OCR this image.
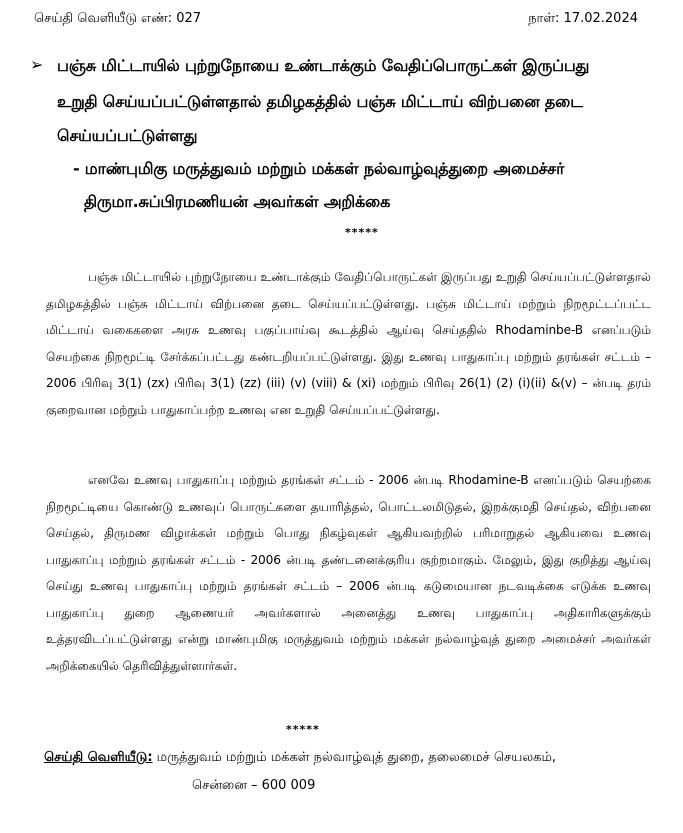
செய்தி வெளியீடு எண்: 027	நாள்: 17.02.2024
➢ பஞ்சு மிட்டாயில் புற்றுநோயை உண்டாக்கும் வேதிப்பொருட்கள் இருப்பது
உறுதி செய்யப்பட்டுள்ளதால் தமிழகத்தில் பஞ்சு மிட்டாய் விற்பனை தடை
செய்யப்பட்டுள்ளது
- மாண்புமிகு மருத்துவம் மற்றும் மக்கள் நல்வாழ்வுத்துறை அமைச்சர்
திருமா.சுப்பிரமணியன் அவர்கள் அறிக்கை
*****

பஞ்சு மிட்டாயில் புற்றுநோயை உண்டாக்கும் வேதிப்பொருட்கள் இருப்பது உறுதி செய்யப்பட்டுள்ளதால் தமிழகத்தில் பஞ்சு மிட்டாய் விற்பனை தடை செய்யப்பட்டுள்ளது. பஞ்சு மிட்டாய் மற்றும் நிறமூட்டப்பட்ட மிட்டாய் வகைகளை அரசு உணவு பகுப்பாய்வு கூடத்தில் ஆய்வு செய்ததில் Rhodaminbe-B எனப்படும் செயற்கை நிறமூட்டி சேர்க்கப்பட்டது கண்டறியப்பட்டுள்ளது. இது உணவு பாதுகாப்பு மற்றும் தரங்கள் சட்டம் – 2006 பிரிவு 3(1) (zx) பிரிவு 3(1) (zz) (iii) (v) (viii) & (xi) மற்றும் பிரிவு 26(1) (2) (i)(ii) &(v) – ன்படி தரம் குறைவான மற்றும் பாதுகாப்பற்ற உணவு என உறுதி செய்யப்பட்டுள்ளது.

எனவே உணவு பாதுகாப்பு மற்றும் தரங்கள் சட்டம் - 2006 ன்படி Rhodamine-B எனப்படும் செயற்கை நிறமூட்டியை கொண்டு உணவுப் பொருட்களை தயாரித்தல், பொட்டலமிடுதல், இறக்குமதி செய்தல், விற்பனை செய்தல், திருமண விழாக்கள் மற்றும் பொது நிகழ்வுகள் ஆகியவற்றில் பரிமாறுதல் ஆகியவை உணவு பாதுகாப்பு மற்றும் தரங்கள் சட்டம் - 2006 ன்படி தண்டனைக்குரிய குற்றமாகும். மேலும், இது குறித்து ஆய்வு செய்து உணவு பாதுகாப்பு மற்றும் தரங்கள் சட்டம் – 2006 ன்படி கடுமையான நடவடிக்கை எடுக்க உணவு பாதுகாப்பு துறை ஆணையர் அவர்களால் அனைத்து உணவு பாதுகாப்பு அதிகாரிகளுக்கும் உத்தரவிடப்பட்டுள்ளது என்று மாண்புமிகு மருத்துவம் மற்றும் மக்கள் நல்வாழ்வுத் துறை அமைச்சர் அவர்கள் அறிக்கையில் தெரிவித்துள்ளார்கள்.

*****
செய்தி வெளியீடு: மருத்துவம் மற்றும் மக்கள் நல்வாழ்வுத் துறை, தலைமைச் செயலகம்,
சென்னை – 600 009
